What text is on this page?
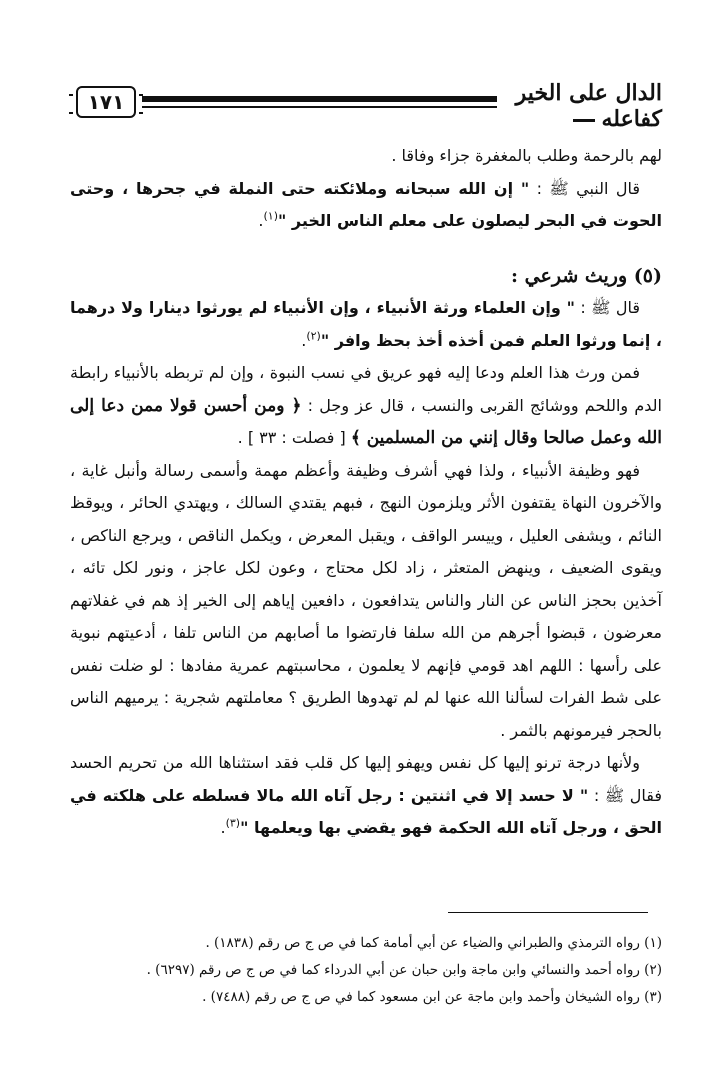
١٧١	الدال على الخير كفاعله

لهم بالرحمة وطلب بالمغفرة جزاء وفاقا .

قال النبي ﷺ : " إن الله سبحانه وملائكته حتى النملة في جحرها ، وحتى الحوت في البحر ليصلون على معلم الناس الخير "$^{(١)}$.

(٥) وريث شرعي :

قال ﷺ : " وإن العلماء ورثة الأنبياء ، وإن الأنبياء لم يورثوا دينارا ولا درهما ، إنما ورثوا العلم فمن أخذه أخذ بحظ وافر "$^{(٢)}$.

فمن ورث هذا العلم ودعا إليه فهو عريق في نسب النبوة ، وإن لم تربطه بالأنبياء رابطة الدم واللحم ووشائج القربى والنسب ، قال عز وجل : ﴿ ومن أحسن قولا ممن دعا إلى الله وعمل صالحا وقال إنني من المسلمين ﴾ [ فصلت : ٣٣ ] .

فهو وظيفة الأنبياء ، ولذا فهي أشرف وظيفة وأعظم مهمة وأسمى رسالة وأنبل غاية ، والآخرون النهاة يقتفون الأثر ويلزمون النهج ، فبهم يقتدي السالك ، ويهتدي الحائر ، ويوقظ النائم ، ويشفى العليل ، وييسر الواقف ، ويقبل المعرض ، ويكمل الناقص ، ويرجع الناكص ، ويقوى الضعيف ، وينهض المتعثر ، زاد لكل محتاج ، وعون لكل عاجز ، ونور لكل تائه ، آخذين بحجز الناس عن النار والناس يتدافعون ، دافعين إياهم إلى الخير إذ هم في غفلاتهم معرضون ، قبضوا أجرهم من الله سلفا فارتضوا ما أصابهم من الناس تلفا ، أدعيتهم نبوية على رأسها : اللهم اهد قومي فإنهم لا يعلمون ، محاسبتهم عمرية مفادها : لو ضلت نفس على شط الفرات لسألنا الله عنها لم لم تهدوها الطريق ؟ معاملتهم شجرية : يرميهم الناس بالحجر فيرمونهم بالثمر .

ولأنها درجة ترنو إليها كل نفس ويهفو إليها كل قلب فقد استثناها الله من تحريم الحسد فقال ﷺ : " لا حسد إلا في اثنتين : رجل آتاه الله مالا فسلطه على هلكته في الحق ، ورجل آتاه الله الحكمة فهو يقضي بها ويعلمها "$^{(٣)}$.

(١) رواه الترمذي والطبراني والضياء عن أبي أمامة كما في ص ج ص رقم (١٨٣٨) .

(٢) رواه أحمد والنسائي وابن ماجة وابن حبان عن أبي الدرداء كما في ص ج ص رقم (٦٢٩٧) .

(٣) رواه الشيخان وأحمد وابن ماجة عن ابن مسعود كما في ص ج ص رقم (٧٤٨٨) .
